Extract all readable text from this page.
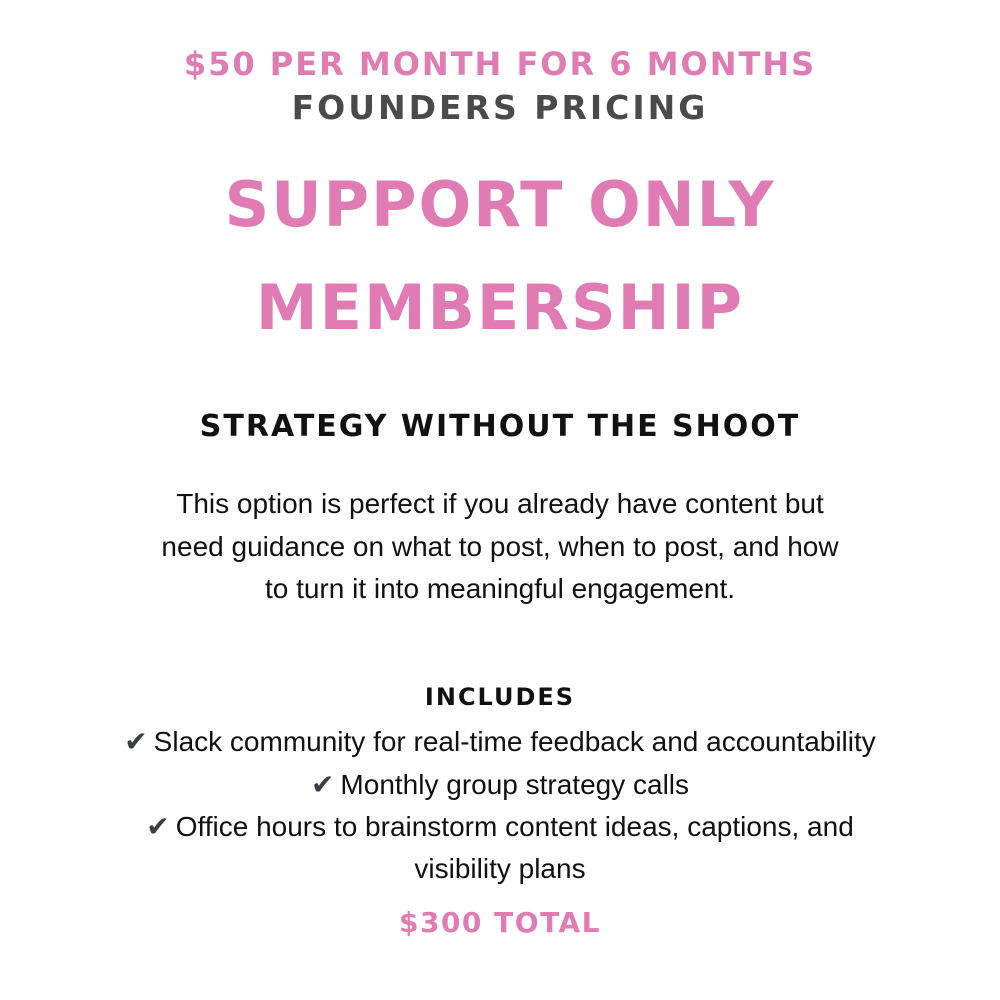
$50 PER MONTH FOR 6 MONTHS

FOUNDERS PRICING

SUPPORT ONLY
MEMBERSHIP
STRATEGY WITHOUT THE SHOOT

This option is perfect if you already have content but

need guidance on what to post, when to post, and how

to turn it into meaningful engagement.

INCLUDES

✔ Slack community for real-time feedback and accountability

✔ Monthly group strategy calls

✔ Office hours to brainstorm content ideas, captions, and

visibility plans

$300 TOTAL
